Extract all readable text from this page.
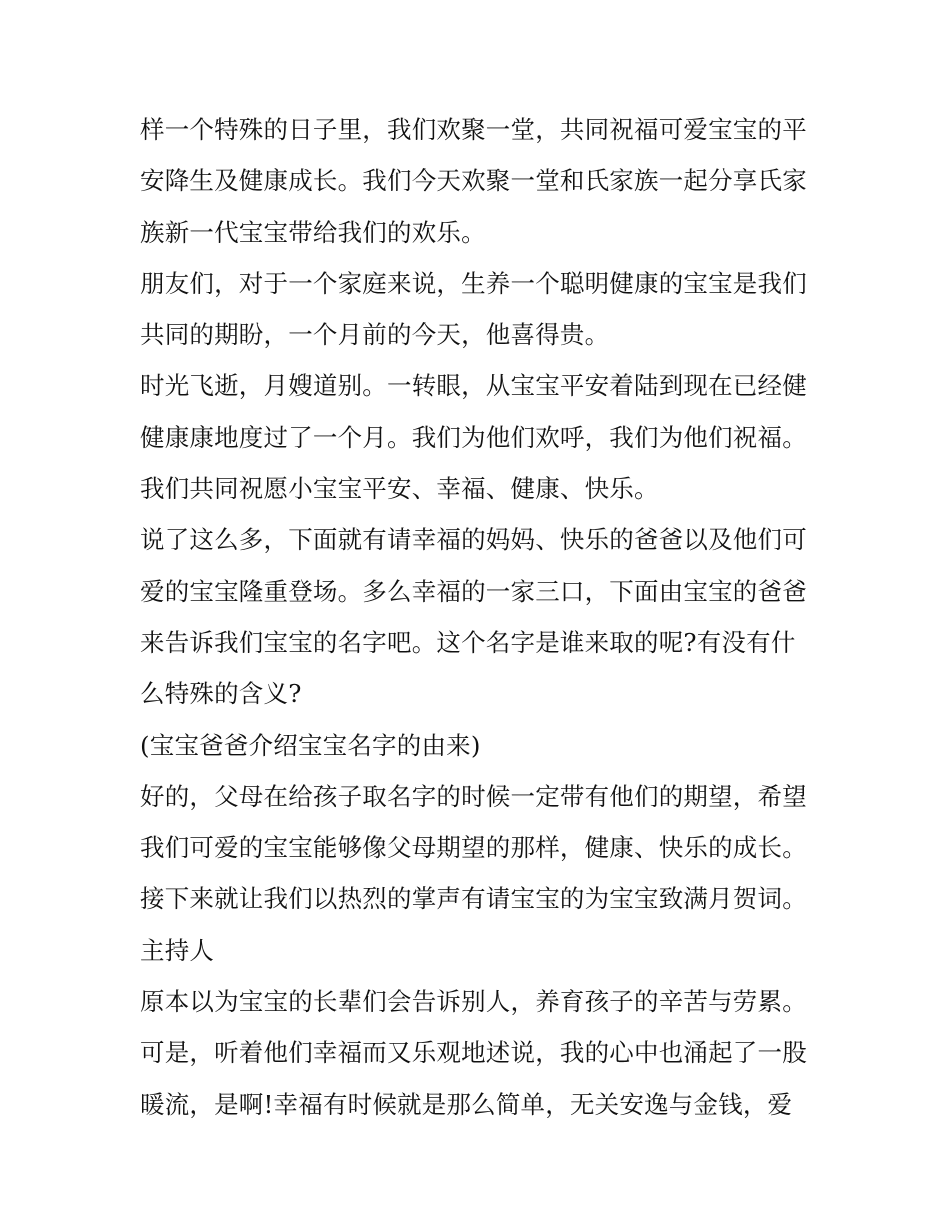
样一个特殊的日子里，我们欢聚一堂，共同祝福可爱宝宝的平
安降生及健康成长。我们今天欢聚一堂和氏家族一起分享氏家
族新一代宝宝带给我们的欢乐。
朋友们，对于一个家庭来说，生养一个聪明健康的宝宝是我们
共同的期盼，一个月前的今天，他喜得贵。
时光飞逝，月嫂道别。一转眼，从宝宝平安着陆到现在已经健
健康康地度过了一个月。我们为他们欢呼，我们为他们祝福。
我们共同祝愿小宝宝平安、幸福、健康、快乐。
说了这么多，下面就有请幸福的妈妈、快乐的爸爸以及他们可
爱的宝宝隆重登场。多么幸福的一家三口，下面由宝宝的爸爸
来告诉我们宝宝的名字吧。这个名字是谁来取的呢?有没有什
么特殊的含义?
(宝宝爸爸介绍宝宝名字的由来)
好的，父母在给孩子取名字的时候一定带有他们的期望，希望
我们可爱的宝宝能够像父母期望的那样，健康、快乐的成长。
接下来就让我们以热烈的掌声有请宝宝的为宝宝致满月贺词。
主持人
原本以为宝宝的长辈们会告诉别人，养育孩子的辛苦与劳累。
可是，听着他们幸福而又乐观地述说，我的心中也涌起了一股
暖流，是啊!幸福有时候就是那么简单，无关安逸与金钱，爱
